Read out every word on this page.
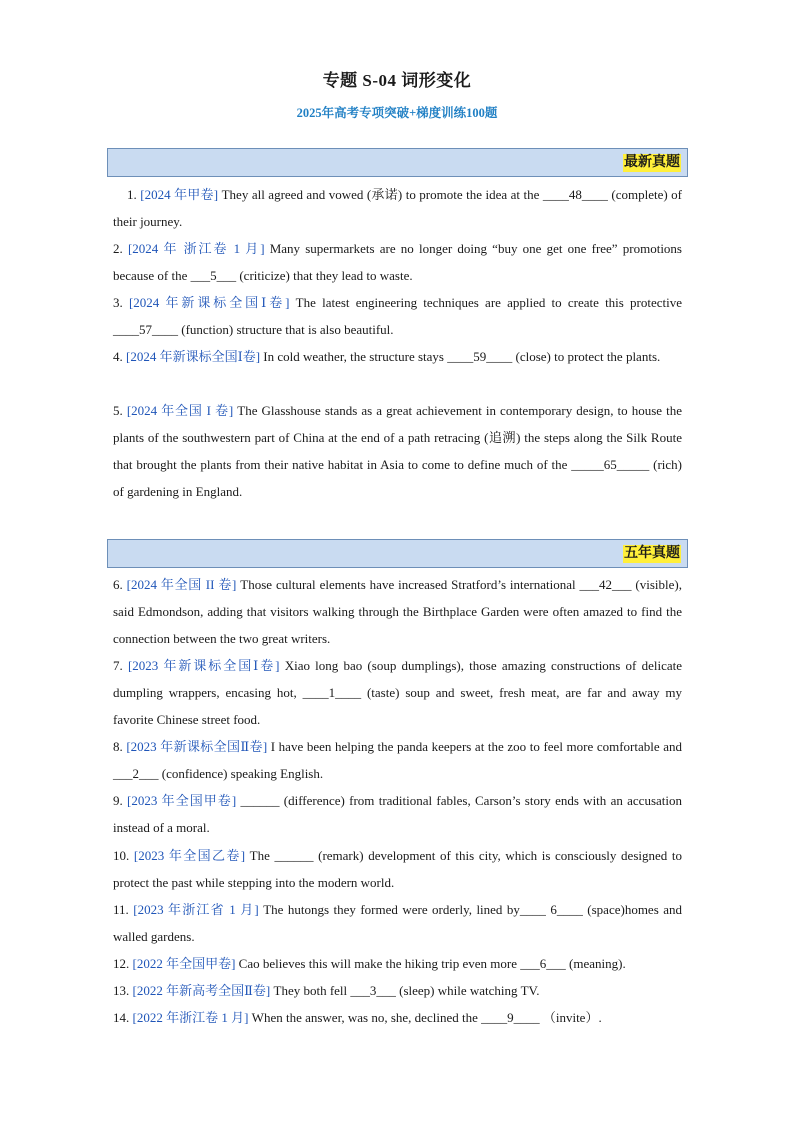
专题 S-04 词形变化
2025年高考专项突破+梯度训练100题
最新真题
1. [2024 年甲卷] They all agreed and vowed (承诺) to promote the idea at the ____48____ (complete) of their journey.
2. [2024 年 浙江卷 1 月] Many supermarkets are no longer doing “buy one get one free” promotions because of the ___5___ (criticize) that they lead to waste.
3. [2024 年新课标全国Ⅰ卷] The latest engineering techniques are applied to create this protective ____57____ (function) structure that is also beautiful.
4. [2024 年新课标全国Ⅰ卷] In cold weather, the structure stays ____59____ (close) to protect the plants.
5. [2024 年全国 I 卷] The Glasshouse stands as a great achievement in contemporary design, to house the plants of the southwestern part of China at the end of a path retracing (追溯) the steps along the Silk Route that brought the plants from their native habitat in Asia to come to define much of the _____65_____ (rich) of gardening in England.
五年真题
6. [2024 年全国 II 卷] Those cultural elements have increased Stratford’s international ___42___ (visible), said Edmondson, adding that visitors walking through the Birthplace Garden were often amazed to find the connection between the two great writers.
7. [2023 年新课标全国Ⅰ卷] Xiao long bao (soup dumplings), those amazing constructions of delicate dumpling wrappers, encasing hot, ____1____ (taste) soup and sweet, fresh meat, are far and away my favorite Chinese street food.
8. [2023 年新课标全国Ⅱ卷] I have been helping the panda keepers at the zoo to feel more comfortable and ___2___ (confidence) speaking English.
9. [2023 年全国甲卷] ______ (difference) from traditional fables, Carson’s story ends with an accusation instead of a moral.
10. [2023 年全国乙卷] The ______ (remark) development of this city, which is consciously designed to protect the past while stepping into the modern world.
11. [2023 年浙江省 1 月] The hutongs they formed were orderly, lined by____ 6____ (space)homes and walled gardens.
12. [2022 年全国甲卷] Cao believes this will make the hiking trip even more ___6___ (meaning).
13. [2022 年新高考全国Ⅱ卷] They both fell ___3___ (sleep) while watching TV.
14. [2022 年浙江卷 1 月] When the answer, was no, she, declined the ____9____ （invite）.
